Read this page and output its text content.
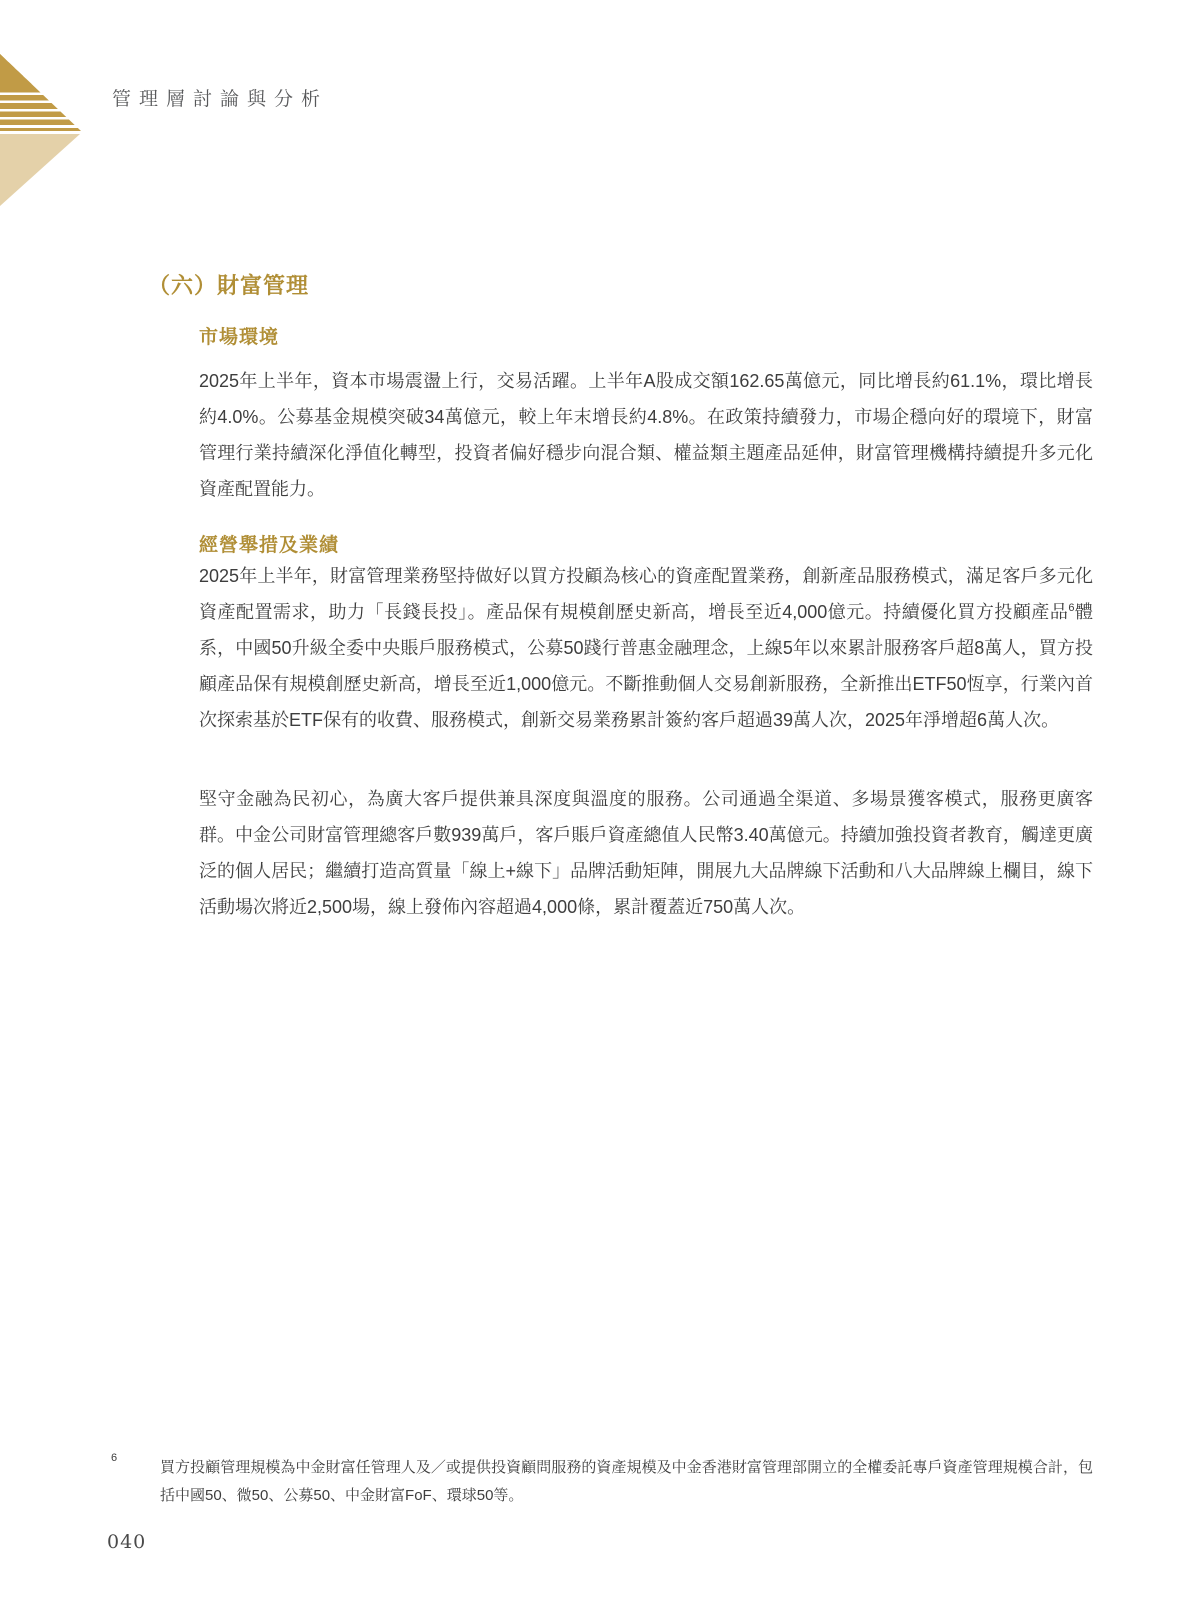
管理層討論與分析
（六）財富管理
市場環境
2025年上半年，資本市場震盪上行，交易活躍。上半年A股成交額162.65萬億元，同比增長約61.1%，環比增長約4.0%。公募基金規模突破34萬億元，較上年末增長約4.8%。在政策持續發力，市場企穩向好的環境下，財富管理行業持續深化淨值化轉型，投資者偏好穩步向混合類、權益類主題產品延伸，財富管理機構持續提升多元化資產配置能力。
經營舉措及業績
2025年上半年，財富管理業務堅持做好以買方投顧為核心的資產配置業務，創新產品服務模式，滿足客戶多元化資產配置需求，助力「長錢長投」。產品保有規模創歷史新高，增長至近4,000億元。持續優化買方投顧產品$^6$體系，中國50升級全委中央賬戶服務模式，公募50踐行普惠金融理念，上線5年以來累計服務客戶超8萬人，買方投顧產品保有規模創歷史新高，增長至近1,000億元。不斷推動個人交易創新服務，全新推出ETF50恆享，行業內首次探索基於ETF保有的收費、服務模式，創新交易業務累計簽約客戶超過39萬人次，2025年淨增超6萬人次。
堅守金融為民初心，為廣大客戶提供兼具深度與溫度的服務。公司通過全渠道、多場景獲客模式，服務更廣客群。中金公司財富管理總客戶數939萬戶，客戶賬戶資產總值人民幣3.40萬億元。持續加強投資者教育，觸達更廣泛的個人居民；繼續打造高質量「線上+線下」品牌活動矩陣，開展九大品牌線下活動和八大品牌線上欄目，線下活動場次將近2,500場，線上發佈內容超過4,000條，累計覆蓋近750萬人次。
6
買方投顧管理規模為中金財富任管理人及／或提供投資顧問服務的資產規模及中金香港財富管理部開立的全權委託專戶資產管理規模合計，包括中國50、微50、公募50、中金財富FoF、環球50等。
040
